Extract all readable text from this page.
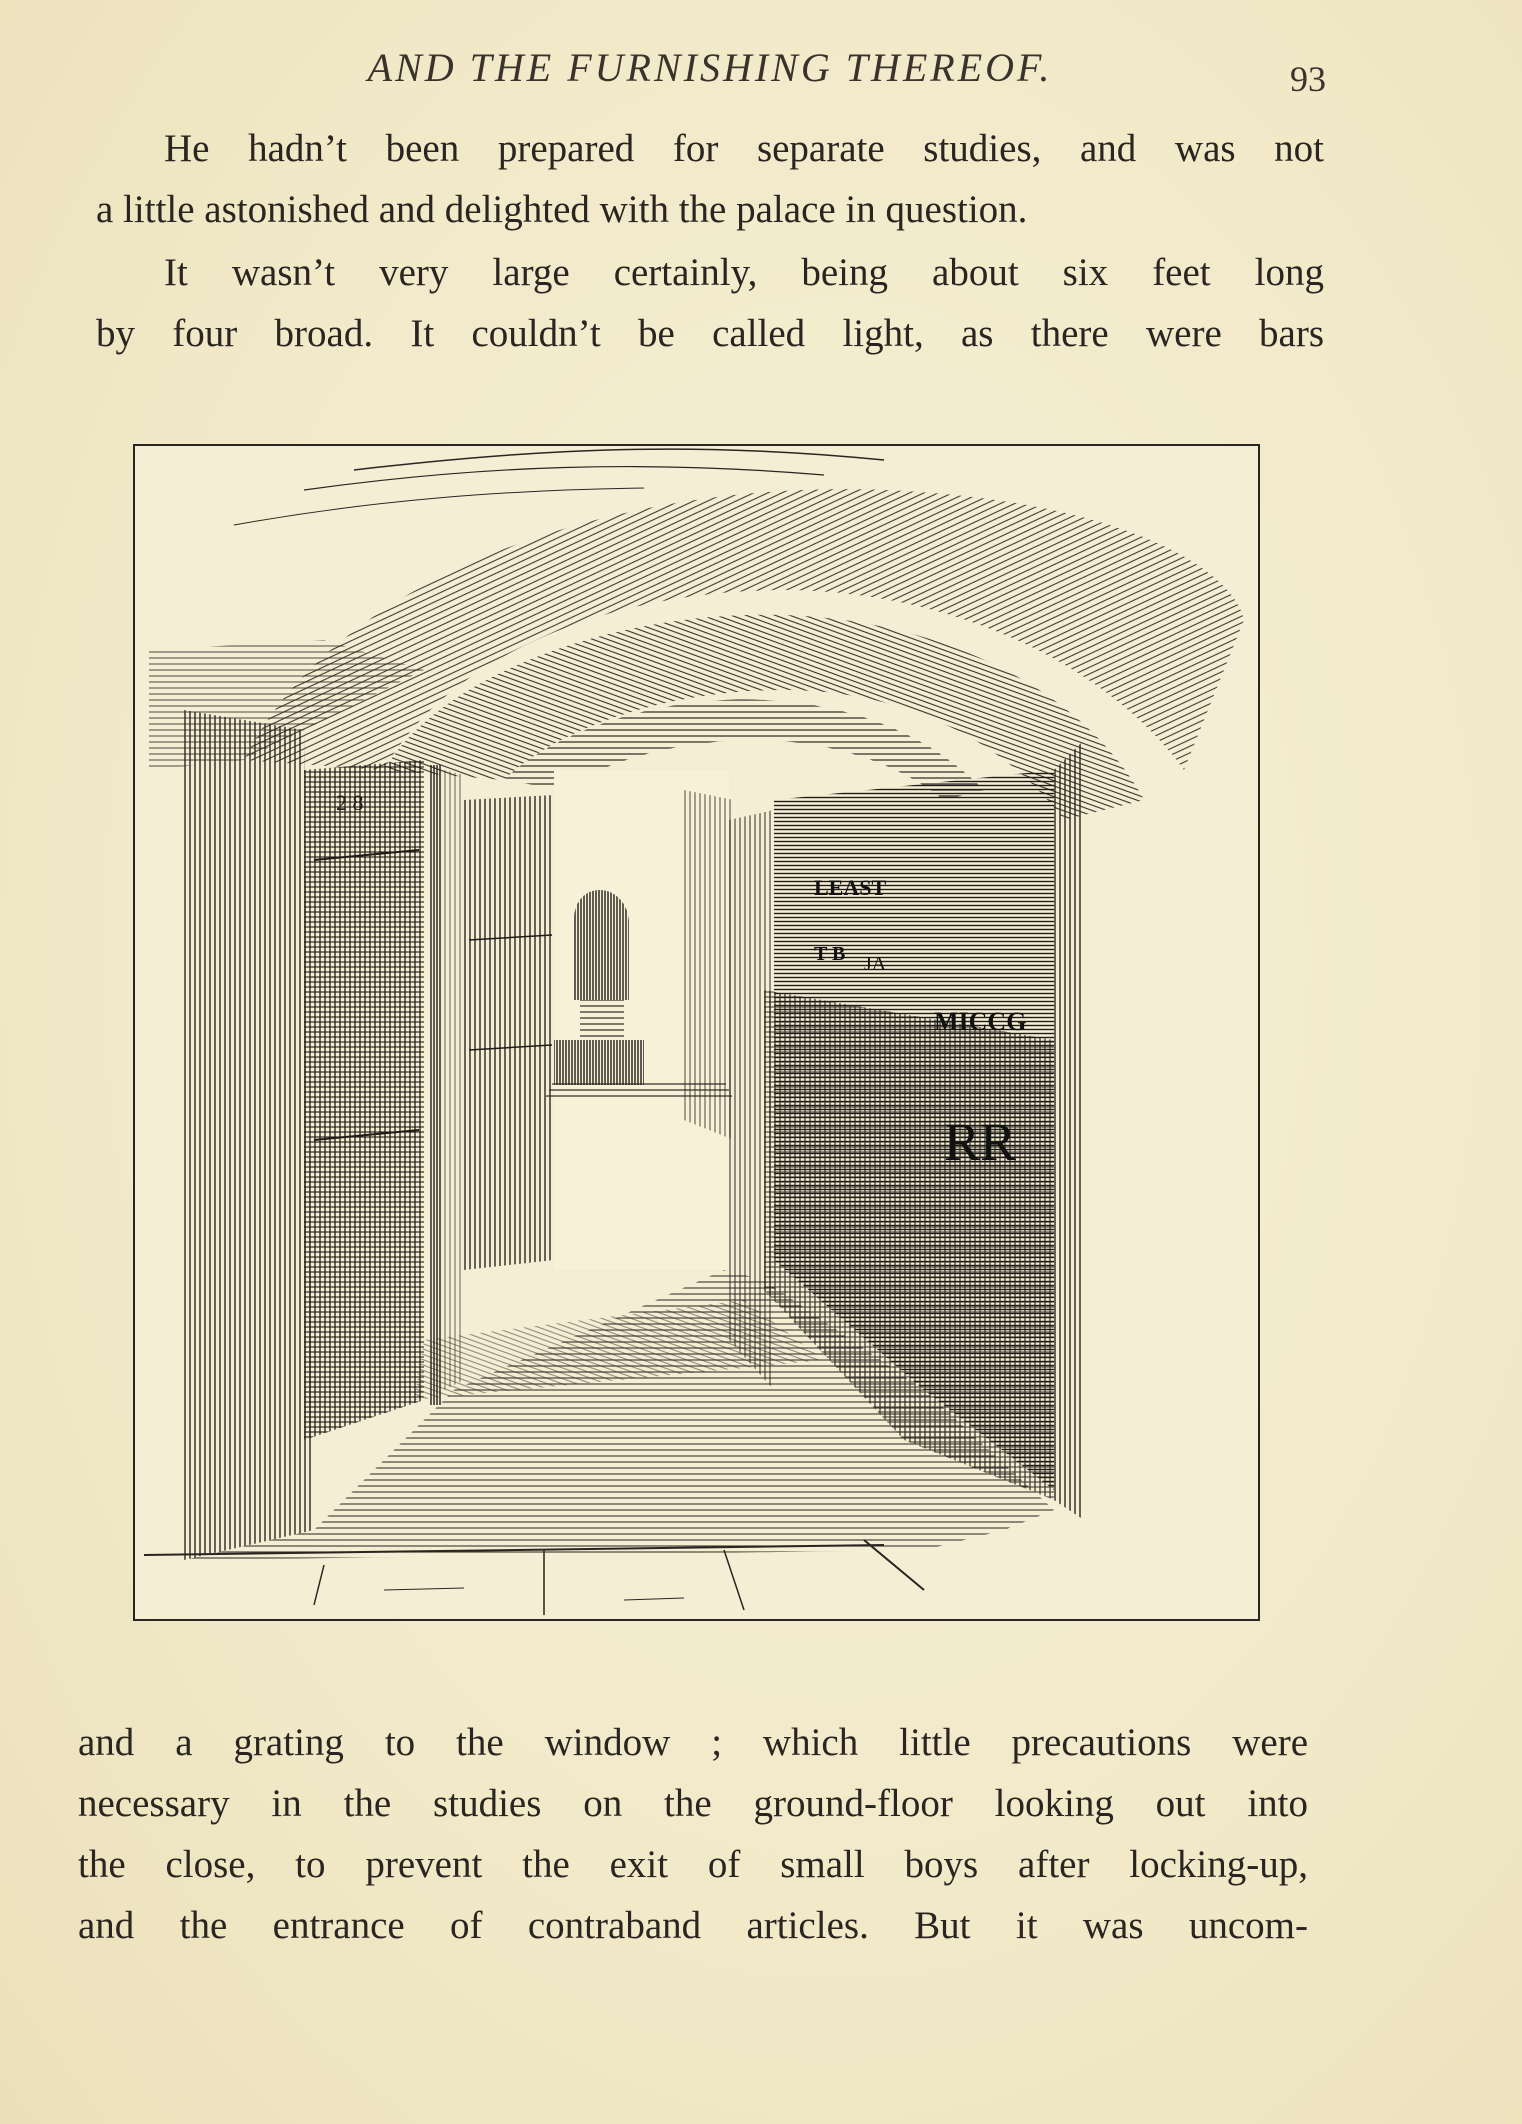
AND THE FURNISHING THEREOF.	93
He hadn’t been prepared for separate studies, and was not
a little astonished and delighted with the palace in question.
It wasn’t very large certainly, being about six feet long
by four broad. It couldn’t be called light, as there were bars
2 8
LEAST
T B JA
MICCG
RR
and a grating to the window ; which little precautions were
necessary in the studies on the ground-floor looking out into
the close, to prevent the exit of small boys after locking-up,
and the entrance of contraband articles. But it was uncom-
